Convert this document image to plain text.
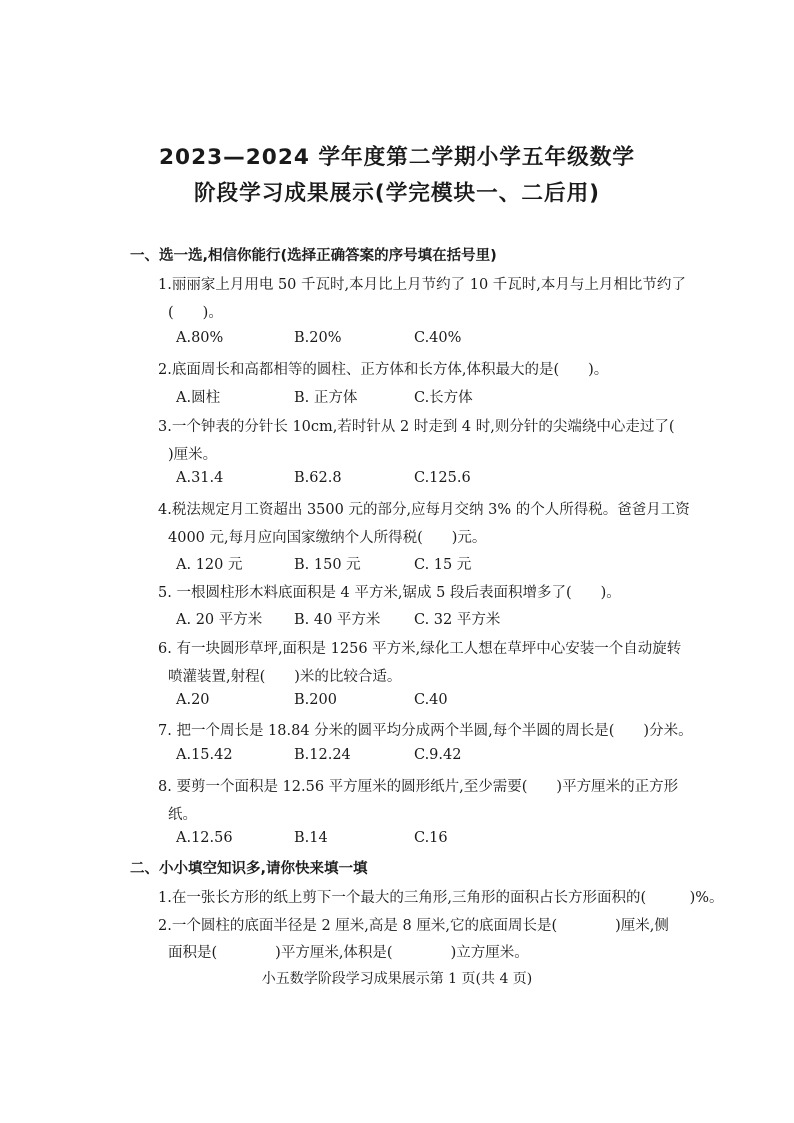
2023—2024 学年度第二学期小学五年级数学
阶段学习成果展示(学完模块一、二后用)
一、选一选,相信你能行(选择正确答案的序号填在括号里)
1.丽丽家上月用电 50 千瓦时,本月比上月节约了 10 千瓦时,本月与上月相比节约了
(　　)。
A.80%	B.20%	C.40%
2.底面周长和高都相等的圆柱、正方体和长方体,体积最大的是(　　)。
A.圆柱	B. 正方体	C.长方体
3.一个钟表的分针长 10cm,若时针从 2 时走到 4 时,则分针的尖端绕中心走过了(
)厘米。
A.31.4	B.62.8	C.125.6
4.税法规定月工资超出 3500 元的部分,应每月交纳 3% 的个人所得税。爸爸月工资
4000 元,每月应向国家缴纳个人所得税(　　)元。
A. 120 元	B. 150 元	C. 15 元
5. 一根圆柱形木料底面积是 4 平方米,锯成 5 段后表面积增多了(　　)。
A. 20 平方米 B. 40 平方米 C. 32 平方米
6. 有一块圆形草坪,面积是 1256 平方米,绿化工人想在草坪中心安装一个自动旋转
喷灌装置,射程(　　)米的比较合适。
A.20	B.200	C.40
7. 把一个周长是 18.84 分米的圆平均分成两个半圆,每个半圆的周长是(　　)分米。
A.15.42	B.12.24	C.9.42
8. 要剪一个面积是 12.56 平方厘米的圆形纸片,至少需要(　　)平方厘米的正方形
纸。
A.12.56	B.14	C.16
二、小小填空知识多,请你快来填一填
1.在一张长方形的纸上剪下一个最大的三角形,三角形的面积占长方形面积的(　　　)%。
2.一个圆柱的底面半径是 2 厘米,高是 8 厘米,它的底面周长是(　　　　)厘米,侧
面积是(　　　　)平方厘米,体积是(　　　　)立方厘米。
小五数学阶段学习成果展示第 1 页(共 4 页)
